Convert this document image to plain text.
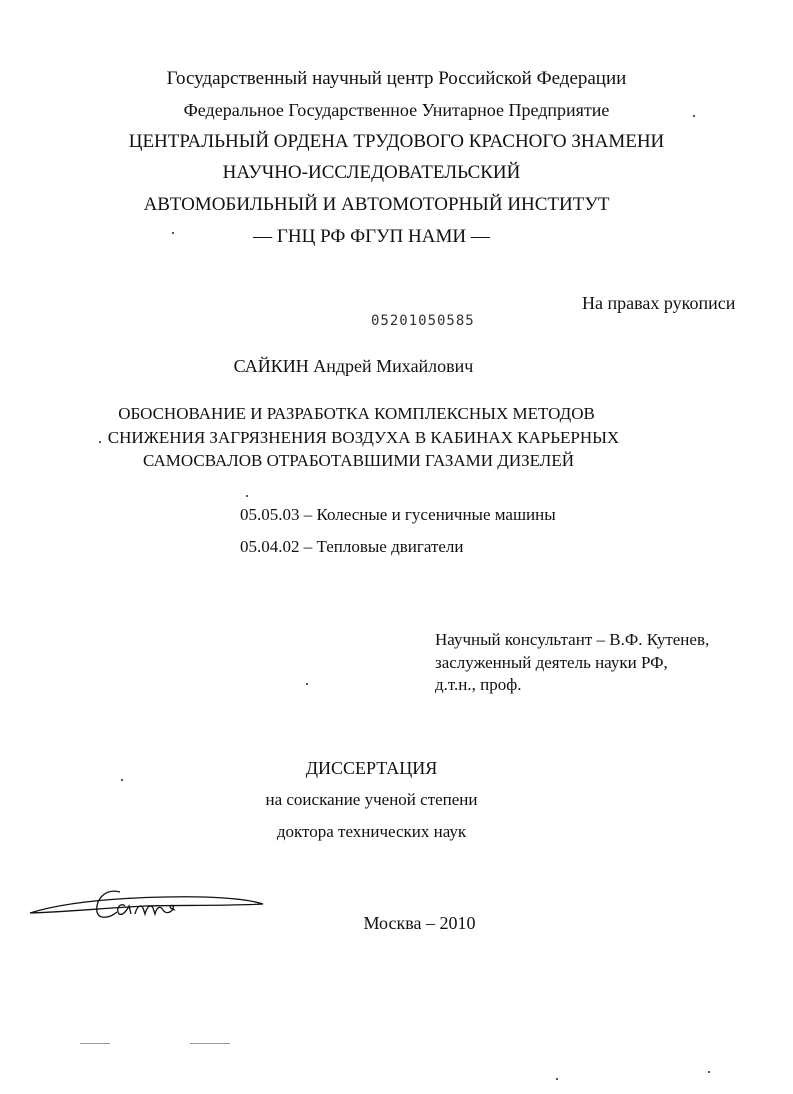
Государственный научный центр Российской Федерации
Федеральное Государственное Унитарное Предприятие
ЦЕНТРАЛЬНЫЙ ОРДЕНА ТРУДОВОГО КРАСНОГО ЗНАМЕНИ
НАУЧНО-ИССЛЕДОВАТЕЛЬСКИЙ
АВТОМОБИЛЬНЫЙ И АВТОМОТОРНЫЙ ИНСТИТУТ
— ГНЦ РФ ФГУП НАМИ —
На правах рукописи
05201050585
САЙКИН Андрей Михайлович
ОБОСНОВАНИЕ И РАЗРАБОТКА КОМПЛЕКСНЫХ МЕТОДОВ
СНИЖЕНИЯ ЗАГРЯЗНЕНИЯ ВОЗДУХА В КАБИНАХ КАРЬЕРНЫХ
САМОСВАЛОВ ОТРАБОТАВШИМИ ГАЗАМИ ДИЗЕЛЕЙ
05.05.03 – Колесные и гусеничные машины
05.04.02 – Тепловые двигатели
Научный консультант – В.Ф. Кутенев,
заслуженный деятель науки РФ,
д.т.н., проф.
ДИССЕРТАЦИЯ
на соискание ученой степени
доктора технических наук
Москва – 2010
